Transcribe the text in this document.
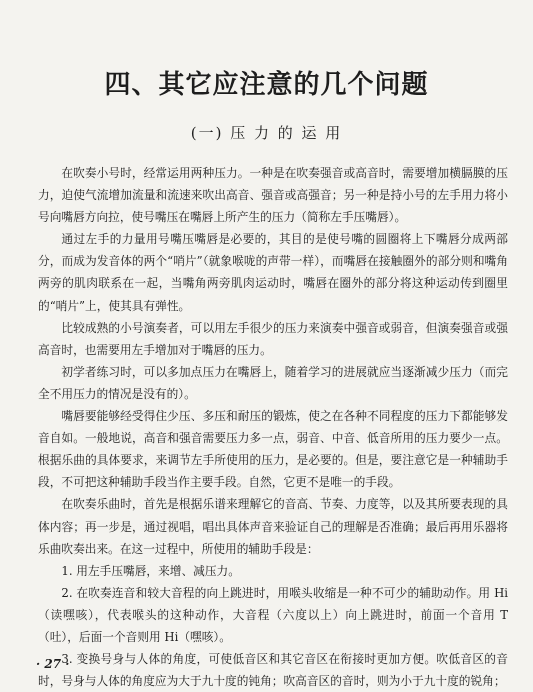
四、其它应注意的几个问题
(一) 压 力 的 运 用

在吹奏小号时，经常运用两种压力。一种是在吹奏强音或高音时，需要增加横膈膜的压力，迫使气流增加流量和流速来吹出高音、强音或高强音；另一种是持小号的左手用力将小号向嘴唇方向拉，使号嘴压在嘴唇上所产生的压力（简称左手压嘴唇）。

通过左手的力量用号嘴压嘴唇是必要的，其目的是使号嘴的圆圈将上下嘴唇分成两部分，而成为发音体的两个“哨片”（就象喉咙的声带一样），而嘴唇在接触圈外的部分则和嘴角两旁的肌肉联系在一起，当嘴角两旁肌肉运动时，嘴唇在圈外的部分将这种运动传到圈里的“哨片”上，使其具有弹性。

比较成熟的小号演奏者，可以用左手很少的压力来演奏中强音或弱音，但演奏强音或强高音时，也需要用左手增加对于嘴唇的压力。

初学者练习时，可以多加点压力在嘴唇上，随着学习的进展就应当逐渐减少压力（而完全不用压力的情况是没有的）。

嘴唇要能够经受得住少压、多压和耐压的锻炼，使之在各种不同程度的压力下都能够发音自如。一般地说，高音和强音需要压力多一点，弱音、中音、低音所用的压力要少一点。根据乐曲的具体要求，来调节左手所使用的压力，是必要的。但是，要注意它是一种辅助手段，不可把这种辅助手段当作主要手段。自然，它更不是唯一的手段。

在吹奏乐曲时，首先是根据乐谱来理解它的音高、节奏、力度等，以及其所要表现的具体内容；再一步是，通过视唱，唱出具体声音来验证自己的理解是否准确；最后再用乐器将乐曲吹奏出来。在这一过程中，所使用的辅助手段是：

1. 用左手压嘴唇，来增、减压力。

2. 在吹奏连音和较大音程的向上跳进时，用喉头收缩是一种不可少的辅助动作。用 Hi（读嘿咳），代表喉头的这种动作，大音程（六度以上）向上跳进时，前面一个音用 T（吐），后面一个音则用 Hi（嘿咳）。

3. 变换号身与人体的角度，可使低音区和其它音区在衔接时更加方便。吹低音区的音时，号身与人体的角度应为大于九十度的钝角；吹高音区的音时，则为小于九十度的锐角；

· 27 ·
